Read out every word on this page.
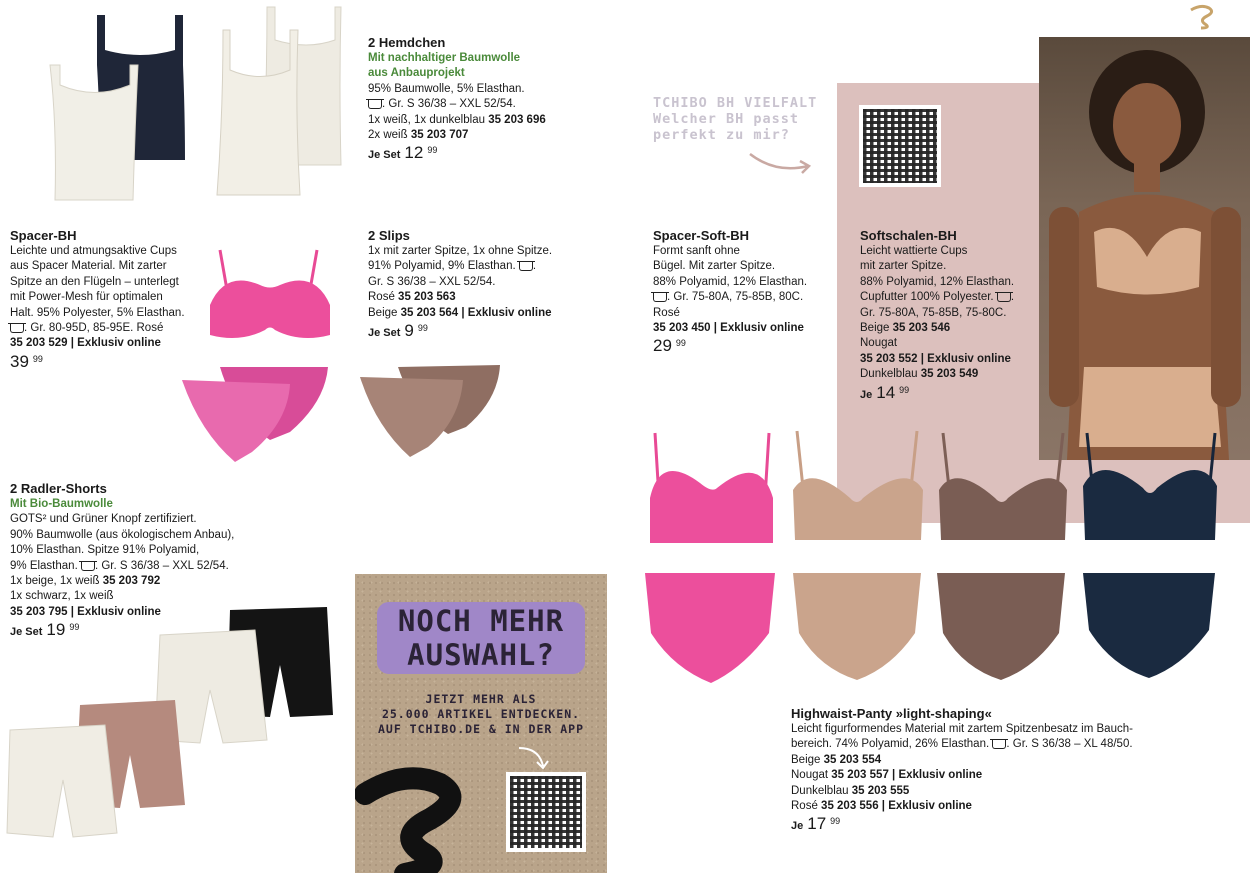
2 Hemdchen

Mit nachhaltiger Baumwolle

aus Anbauprojekt

95% Baumwolle, 5% Elasthan.

. Gr. S 36/38 – XXL 52/54.

1x weiß, 1x dunkelblau 35 203 696

2x weiß 35 203 707

Je Set 12 99

Spacer-BH

Leichte und atmungsaktive Cups

aus Spacer Material. Mit zarter

Spitze an den Flügeln – unterlegt

mit Power-Mesh für optimalen

Halt. 95% Polyester, 5% Elasthan.

. Gr. 80-95D, 85-95E. Rosé

35 203 529 | Exklusiv online

39 99

2 Slips

1x mit zarter Spitze, 1x ohne Spitze.

91% Polyamid, 9% Elasthan. .

Gr. S 36/38 – XXL 52/54.

Rosé 35 203 563

Beige 35 203 564 | Exklusiv online

Je Set 9 99

2 Radler-Shorts

Mit Bio-Baumwolle

GOTS² und Grüner Knopf zertifiziert.

90% Baumwolle (aus ökologischem Anbau),

10% Elasthan. Spitze 91% Polyamid,

9% Elasthan. . Gr. S 36/38 – XXL 52/54.

1x beige, 1x weiß 35 203 792

1x schwarz, 1x weiß

35 203 795 | Exklusiv online

Je Set 19 99	NOCH MEHR

AUSWAHL?

JETZT MEHR ALS

25.000 ARTIKEL ENTDECKEN.

AUF TCHIBO.DE & IN DER APP

TCHIBO BH VIELFALT

Welcher BH passt

perfekt zu mir?

Spacer-Soft-BH

Formt sanft ohne

Bügel. Mit zarter Spitze.

88% Polyamid, 12% Elasthan.

. Gr. 75-80A, 75-85B, 80C.

Rosé

35 203 450 | Exklusiv online

29 99

Softschalen-BH

Leicht wattierte Cups

mit zarter Spitze.

88% Polyamid, 12% Elasthan.

Cupfutter 100% Polyester. .

Gr. 75-80A, 75-85B, 75-80C.

Beige 35 203 546

Nougat

35 203 552 | Exklusiv online

Dunkelblau 35 203 549

Je 14 99

Highwaist-Panty »light-shaping«

Leicht figurformendes Material mit zartem Spitzenbesatz im Bauch-

bereich. 74% Polyamid, 26% Elasthan. . Gr. S 36/38 – XL 48/50.

Beige 35 203 554

Nougat 35 203 557 | Exklusiv online

Dunkelblau 35 203 555

Rosé 35 203 556 | Exklusiv online

Je 17 99
